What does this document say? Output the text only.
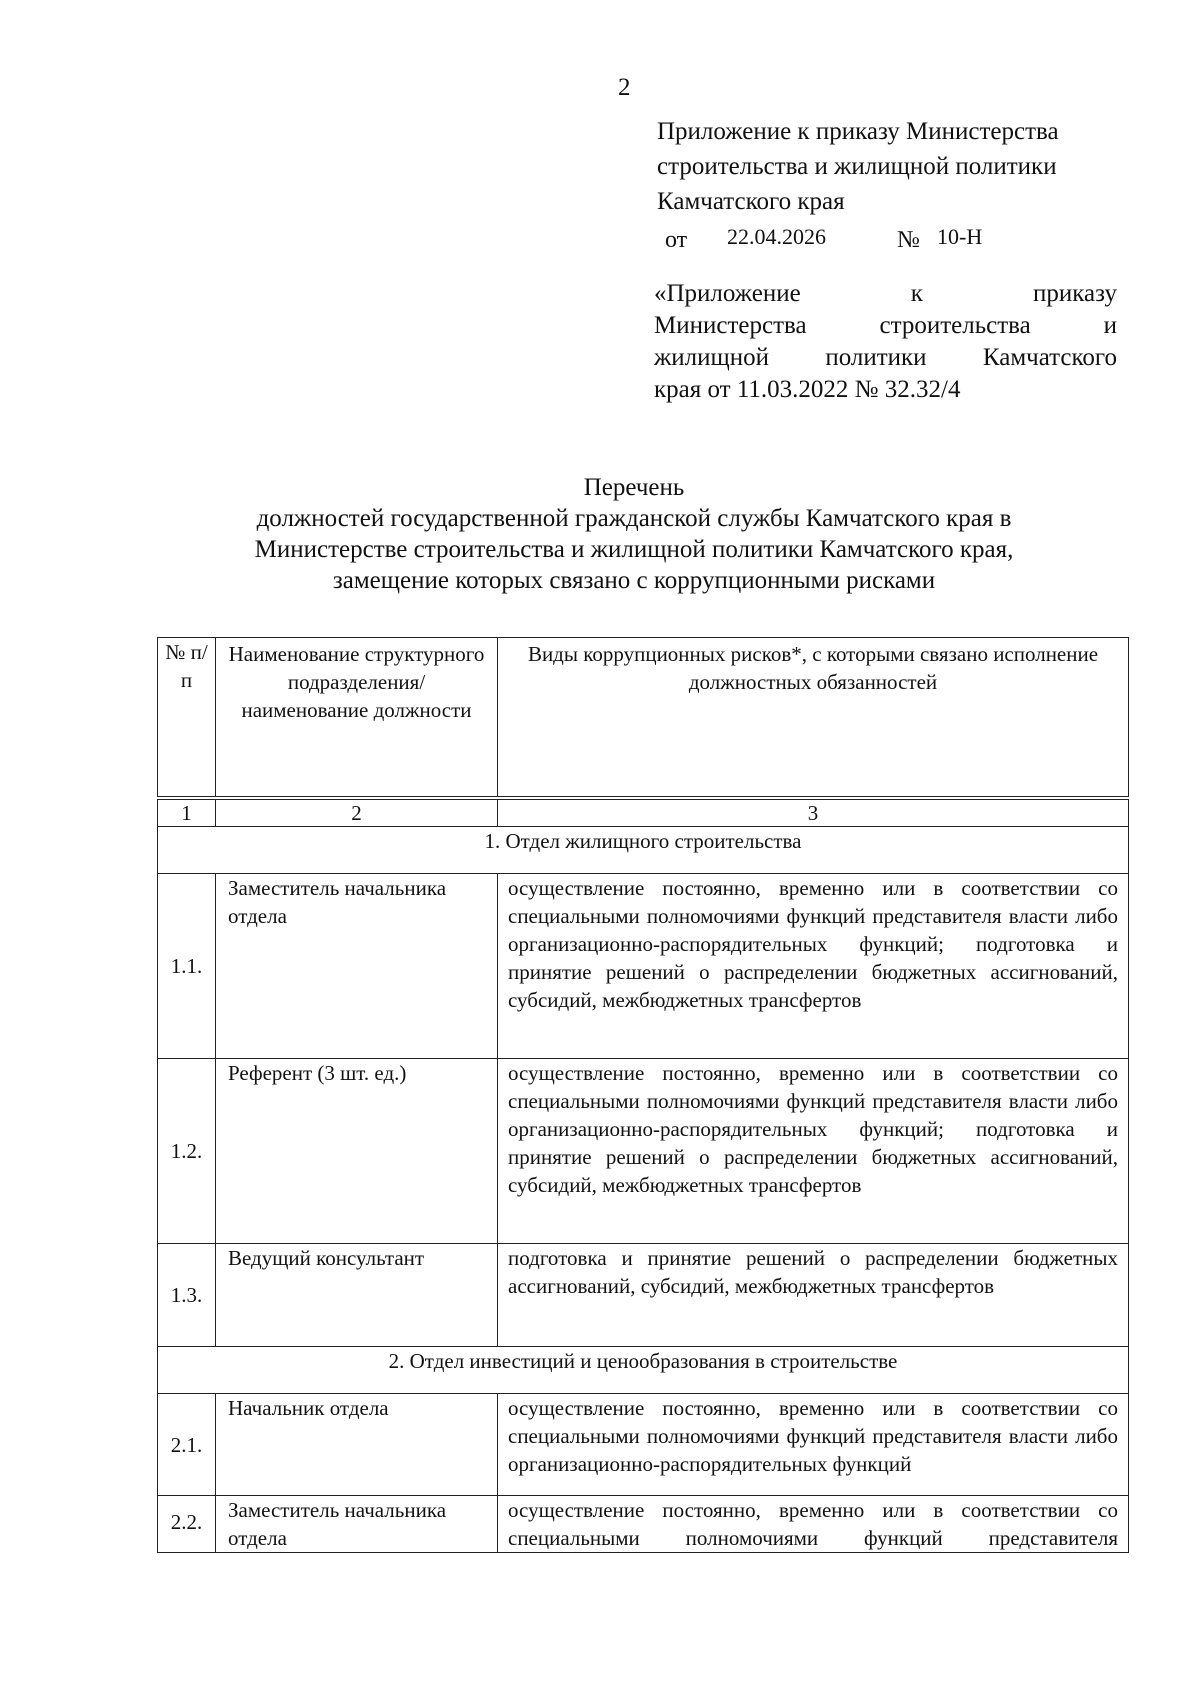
2
Приложение к приказу Министерства
строительства и жилищной политики
Камчатского края
от 22.04.2026	№ 10-Н
«Приложение к приказу
Министерства строительства и
жилищной политики Камчатского
края от 11.03.2022 № 32.32/4
Перечень
должностей государственной гражданской службы Камчатского края в
Министерстве строительства и жилищной политики Камчатского края,
замещение которых связано с коррупционными рисками
№ п/п	Наименование структурного подразделения/ наименование должности	Виды коррупционных рисков*, с которыми связано исполнение должностных обязанностей
1	2	3
1. Отдел жилищного строительства		
1.1.	Заместитель начальника отдела	осуществление постоянно, временно или в соответствии со специальными полномочиями функций представителя власти либо организационно-распорядительных функций; подготовка и принятие решений о распределении бюджетных ассигнований, субсидий, межбюджетных трансфертов
1.2.	Референт (3 шт. ед.)	осуществление постоянно, временно или в соответствии со специальными полномочиями функций представителя власти либо организационно-распорядительных функций; подготовка и принятие решений о распределении бюджетных ассигнований, субсидий, межбюджетных трансфертов
1.3.	Ведущий консультант	подготовка и принятие решений о распределении бюджетных ассигнований, субсидий, межбюджетных трансфертов
2. Отдел инвестиций и ценообразования в строительстве		
2.1.	Начальник отдела	осуществление постоянно, временно или в соответствии со специальными полномочиями функций представителя власти либо организационно-распорядительных функций
2.2.	Заместитель начальника отдела	осуществление постоянно, временно или в соответствии со специальными полномочиями функций представителя
